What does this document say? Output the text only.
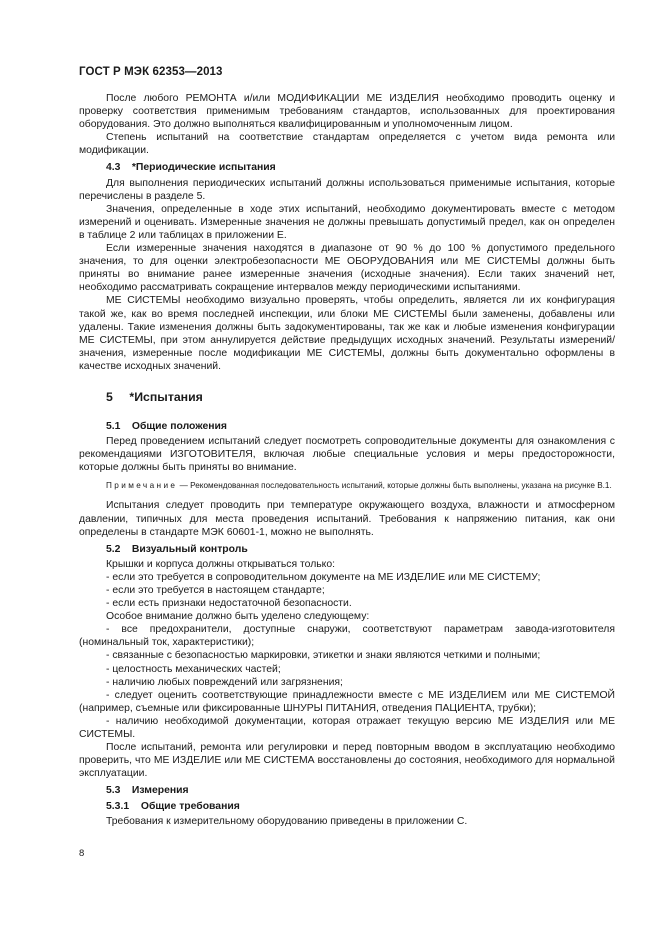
ГОСТ Р МЭК 62353—2013

После любого РЕМОНТА и/или МОДИФИКАЦИИ МЕ ИЗДЕЛИЯ необходимо проводить оценку и проверку соответствия применимым требованиям стандартов, использованных для проектирования оборудования. Это должно выполняться квалифицированным и уполномоченным лицом.

Степень испытаний на соответствие стандартам определяется с учетом вида ремонта или модификации.

4.3 *Периодические испытания

Для выполнения периодических испытаний должны использоваться применимые испытания, которые перечислены в разделе 5.

Значения, определенные в ходе этих испытаний, необходимо документировать вместе с методом измерений и оценивать. Измеренные значения не должны превышать допустимый предел, как он определен в таблице 2 или таблицах в приложении E.

Если измеренные значения находятся в диапазоне от 90 % до 100 % допустимого предельного значения, то для оценки электробезопасности МЕ ОБОРУДОВАНИЯ или МЕ СИСТЕМЫ должны быть приняты во внимание ранее измеренные значения (исходные значения). Если таких значений нет, необходимо рассматривать сокращение интервалов между периодическими испытаниями.

МЕ СИСТЕМЫ необходимо визуально проверять, чтобы определить, является ли их конфигурация такой же, как во время последней инспекции, или блоки МЕ СИСТЕМЫ были заменены, добавлены или удалены. Такие изменения должны быть задокументированы, так же как и любые изменения конфигурации МЕ СИСТЕМЫ, при этом аннулируется действие предыдущих исходных значений. Результаты измерений/значения, измеренные после модификации МЕ СИСТЕМЫ, должны быть документально оформлены в качестве исходных значений.

5 *Испытания
5.1 Общие положения

Перед проведением испытаний следует посмотреть сопроводительные документы для ознакомления с рекомендациями ИЗГОТОВИТЕЛЯ, включая любые специальные условия и меры предосторожности, которые должны быть приняты во внимание.

Примечание — Рекомендованная последовательность испытаний, которые должны быть выполнены, указана на рисунке В.1.

Испытания следует проводить при температуре окружающего воздуха, влажности и атмосферном давлении, типичных для места проведения испытаний. Требования к напряжению питания, как они определены в стандарте МЭК 60601-1, можно не выполнять.

5.2 Визуальный контроль

Крышки и корпуса должны открываться только:

- если это требуется в сопроводительном документе на МЕ ИЗДЕЛИЕ или МЕ СИСТЕМУ;

- если это требуется в настоящем стандарте;

- если есть признаки недостаточной безопасности.

Особое внимание должно быть уделено следующему:

- все предохранители, доступные снаружи, соответствуют параметрам завода-изготовителя (номинальный ток, характеристики);

- связанные с безопасностью маркировки, этикетки и знаки являются четкими и полными;

- целостность механических частей;

- наличию любых повреждений или загрязнения;

- следует оценить соответствующие принадлежности вместе с МЕ ИЗДЕЛИЕМ или МЕ СИСТЕМОЙ (например, съемные или фиксированные ШНУРЫ ПИТАНИЯ, отведения ПАЦИЕНТА, трубки);

- наличию необходимой документации, которая отражает текущую версию МЕ ИЗДЕЛИЯ или МЕ СИСТЕМЫ.

После испытаний, ремонта или регулировки и перед повторным вводом в эксплуатацию необходимо проверить, что МЕ ИЗДЕЛИЕ или МЕ СИСТЕМА восстановлены до состояния, необходимого для нормальной эксплуатации.

5.3 Измерения
5.3.1 Общие требования

Требования к измерительному оборудованию приведены в приложении С.

8
